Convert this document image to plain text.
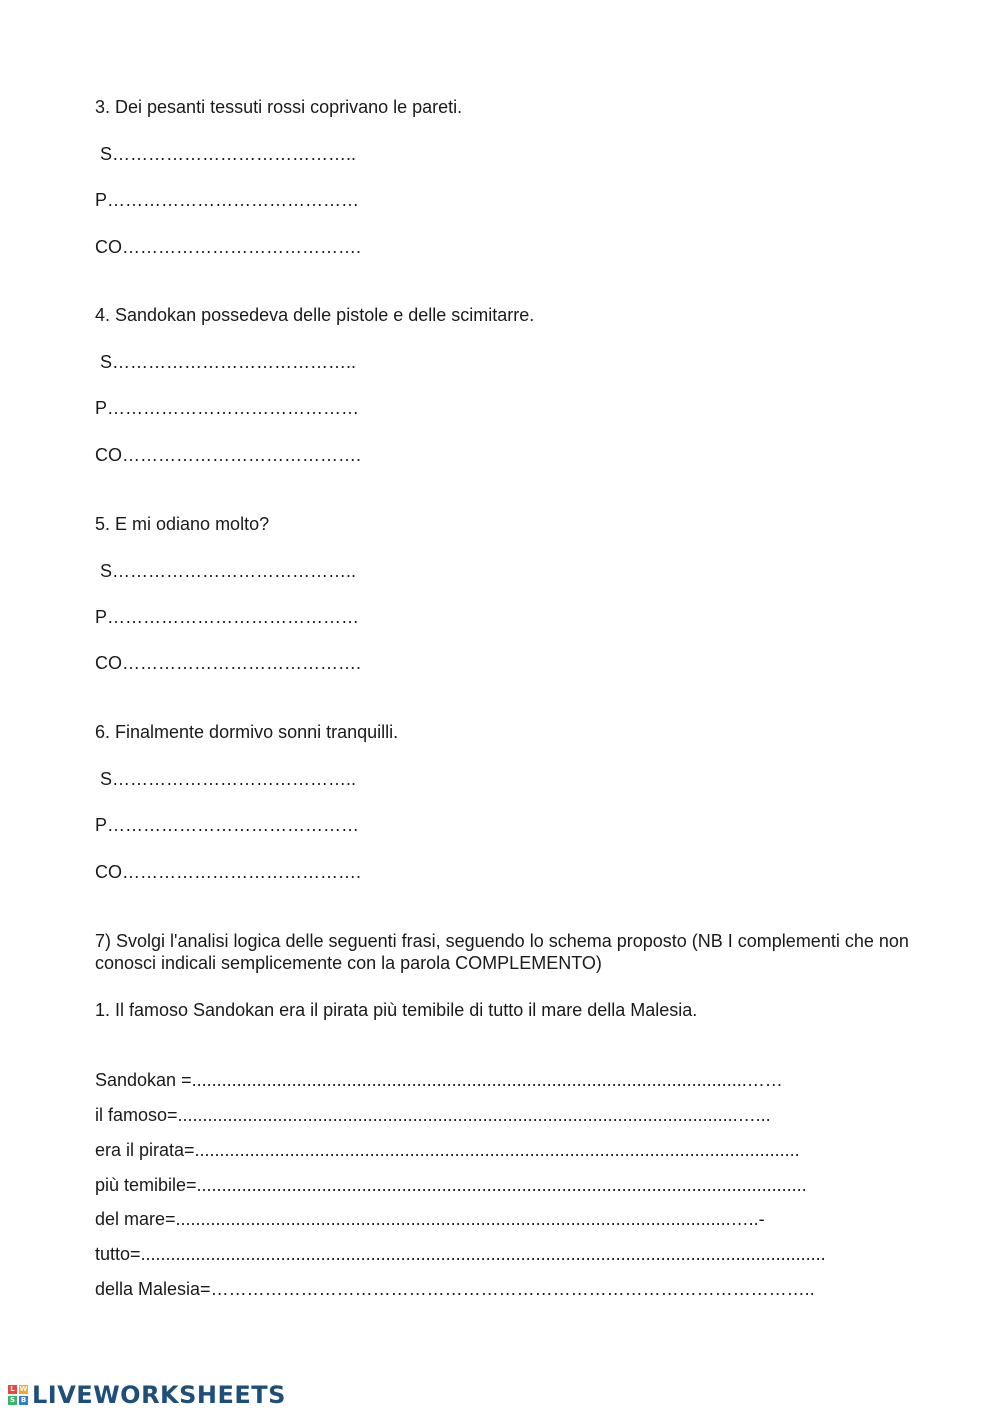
3. Dei pesanti tessuti rossi coprivano le pareti.

S…………………………………..

P……………………………………

CO………………………………….

4. Sandokan possedeva delle pistole e delle scimitarre.

S…………………………………..

P……………………………………

CO………………………………….

5. E mi odiano molto?

S…………………………………..

P……………………………………

CO………………………………….

6. Finalmente dormivo sonni tranquilli.

S…………………………………..

P……………………………………

CO………………………………….

7) Svolgi l'analisi logica delle seguenti frasi, seguendo lo schema proposto (NB I complementi che non conosci indicali semplicemente con la parola COMPLEMENTO)

1. Il famoso Sandokan era il pirata più temibile di tutto il mare della Malesia.

Sandokan =...............................................................................................................……

il famoso=................................................................................................................…...

era il pirata=.........................................................................................................................

più temibile=..........................................................................................................................

del mare=...............................................................................................................…..-

tutto=.........................................................................................................................................

della Malesia=………………………………………………………………………………………..

L W
S B LIVEWORKSHEETS
